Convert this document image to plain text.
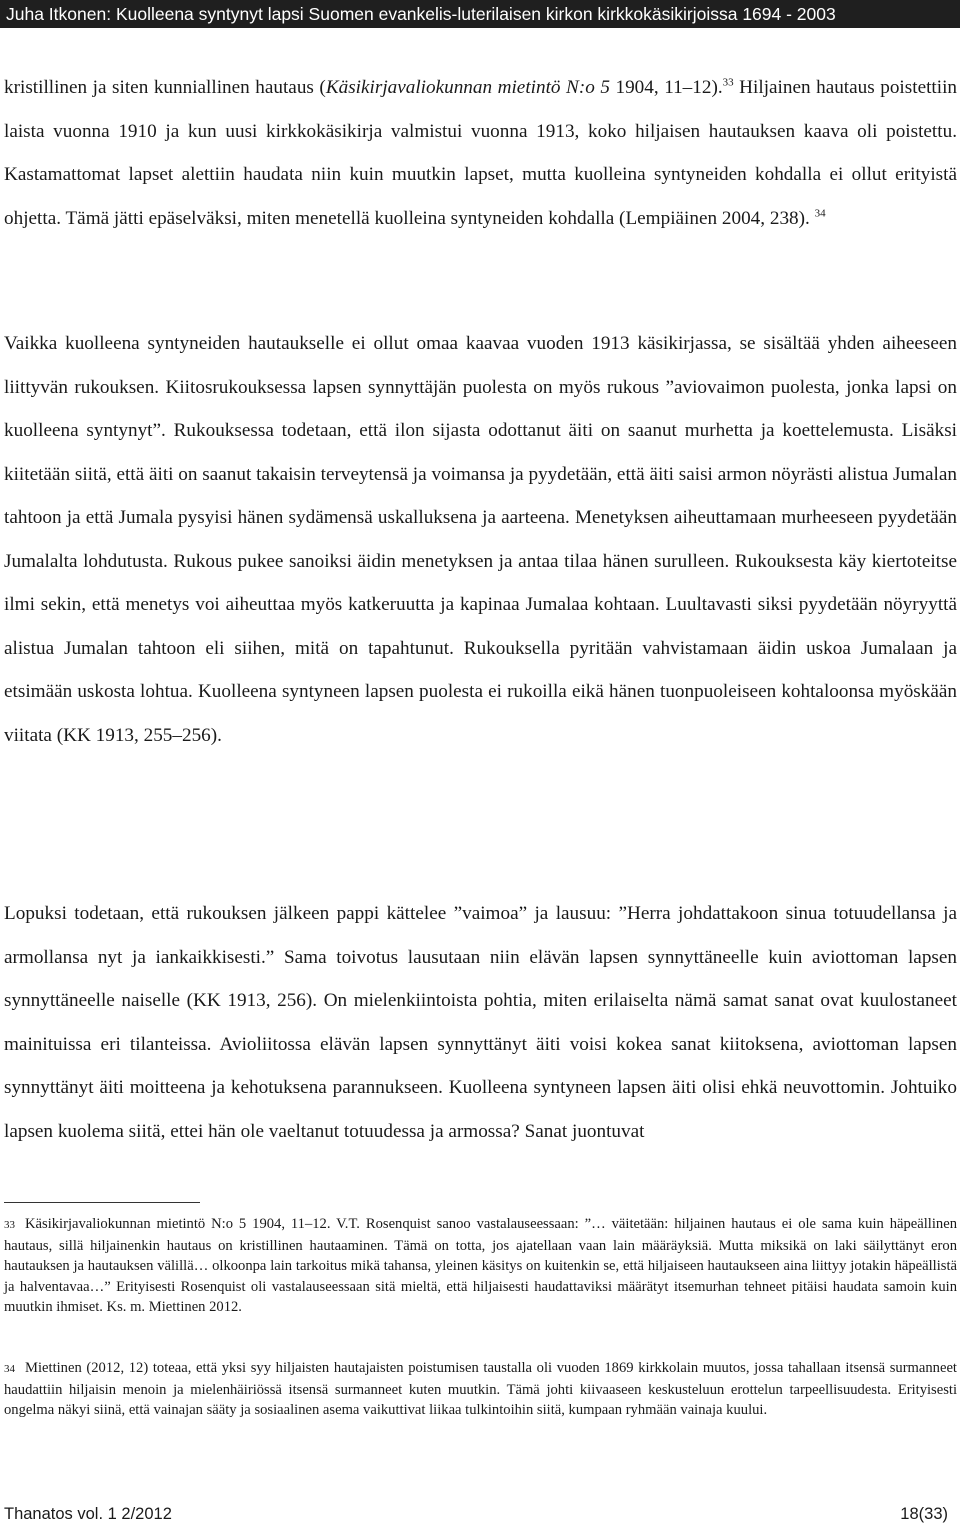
Juha Itkonen: Kuolleena syntynyt lapsi Suomen evankelis-luterilaisen kirkon kirkkokäsikirjoissa 1694 - 2003

kristillinen ja siten kunniallinen hautaus (Käsikirjavaliokunnan mietintö N:o 5 1904, 11–12).$^{33}$ Hiljainen hautaus poistettiin laista vuonna 1910 ja kun uusi kirkkokäsikirja valmistui vuonna 1913, koko hiljaisen hautauksen kaava oli poistettu. Kastamattomat lapset alettiin haudata niin kuin muutkin lapset, mutta kuolleina syntyneiden kohdalla ei ollut erityistä ohjetta. Tämä jätti epäselväksi, miten menetellä kuolleina syntyneiden kohdalla (Lempiäinen 2004, 238). $^{34}$

Vaikka kuolleena syntyneiden hautaukselle ei ollut omaa kaavaa vuoden 1913 käsikirjassa, se sisältää yhden aiheeseen liittyvän rukouksen. Kiitosrukouksessa lapsen synnyttäjän puolesta on myös rukous ”aviovaimon puolesta, jonka lapsi on kuolleena syntynyt”. Rukouksessa todetaan, että ilon sijasta odottanut äiti on saanut murhetta ja koettelemusta. Lisäksi kiitetään siitä, että äiti on saanut takaisin terveytensä ja voimansa ja pyydetään, että äiti saisi armon nöyrästi alistua Jumalan tahtoon ja että Jumala pysyisi hänen sydämensä uskalluksena ja aarteena. Menetyksen aiheuttamaan murheeseen pyydetään Jumalalta lohdutusta. Rukous pukee sanoiksi äidin menetyksen ja antaa tilaa hänen surulleen. Rukouksesta käy kiertoteitse ilmi sekin, että menetys voi aiheuttaa myös katkeruutta ja kapinaa Jumalaa kohtaan. Luultavasti siksi pyydetään nöyryyttä alistua Jumalan tahtoon eli siihen, mitä on tapahtunut. Rukouksella pyritään vahvistamaan äidin uskoa Jumalaan ja etsimään uskosta lohtua. Kuolleena syntyneen lapsen puolesta ei rukoilla eikä hänen tuonpuoleiseen kohtaloonsa myöskään viitata (KK 1913, 255–256).

Lopuksi todetaan, että rukouksen jälkeen pappi kättelee ”vaimoa” ja lausuu: ”Herra johdattakoon sinua totuudellansa ja armollansa nyt ja iankaikkisesti.” Sama toivotus lausutaan niin elävän lapsen synnyttäneelle kuin aviottoman lapsen synnyttäneelle naiselle (KK 1913, 256). On mielenkiintoista pohtia, miten erilaiselta nämä samat sanat ovat kuulostaneet mainituissa eri tilanteissa. Avioliitossa elävän lapsen synnyttänyt äiti voisi kokea sanat kiitoksena, aviottoman lapsen synnyttänyt äiti moitteena ja kehotuksena parannukseen. Kuolleena syntyneen lapsen äiti olisi ehkä neuvottomin. Johtuiko lapsen kuolema siitä, ettei hän ole vaeltanut totuudessa ja armossa? Sanat juontuvat

33 Käsikirjavaliokunnan mietintö N:o 5 1904, 11–12. V.T. Rosenquist sanoo vastalauseessaan: ”… väitetään: hiljainen hautaus ei ole sama kuin häpeällinen hautaus, sillä hiljainenkin hautaus on kristillinen hautaaminen. Tämä on totta, jos ajatellaan vaan lain määräyksiä. Mutta miksikä on laki säilyttänyt eron hautauksen ja hautauksen välillä… olkoonpa lain tarkoitus mikä tahansa, yleinen käsitys on kuitenkin se, että hiljaiseen hautaukseen aina liittyy jotakin häpeällistä ja halventavaa…” Erityisesti Rosenquist oli vastalauseessaan sitä mieltä, että hiljaisesti haudattaviksi määrätyt itsemurhan tehneet pitäisi haudata samoin kuin muutkin ihmiset. Ks. m. Miettinen 2012.
34 Miettinen (2012, 12) toteaa, että yksi syy hiljaisten hautajaisten poistumisen taustalla oli vuoden 1869 kirkkolain muutos, jossa tahallaan itsensä surmanneet haudattiin hiljaisin menoin ja mielenhäiriössä itsensä surmanneet kuten muutkin. Tämä johti kiivaaseen keskusteluun erottelun tarpeellisuudesta. Erityisesti ongelma näkyi siinä, että vainajan sääty ja sosiaalinen asema vaikuttivat liikaa tulkintoihin siitä, kumpaan ryhmään vainaja kuului.
Thanatos vol. 1 2/2012	18(33)
